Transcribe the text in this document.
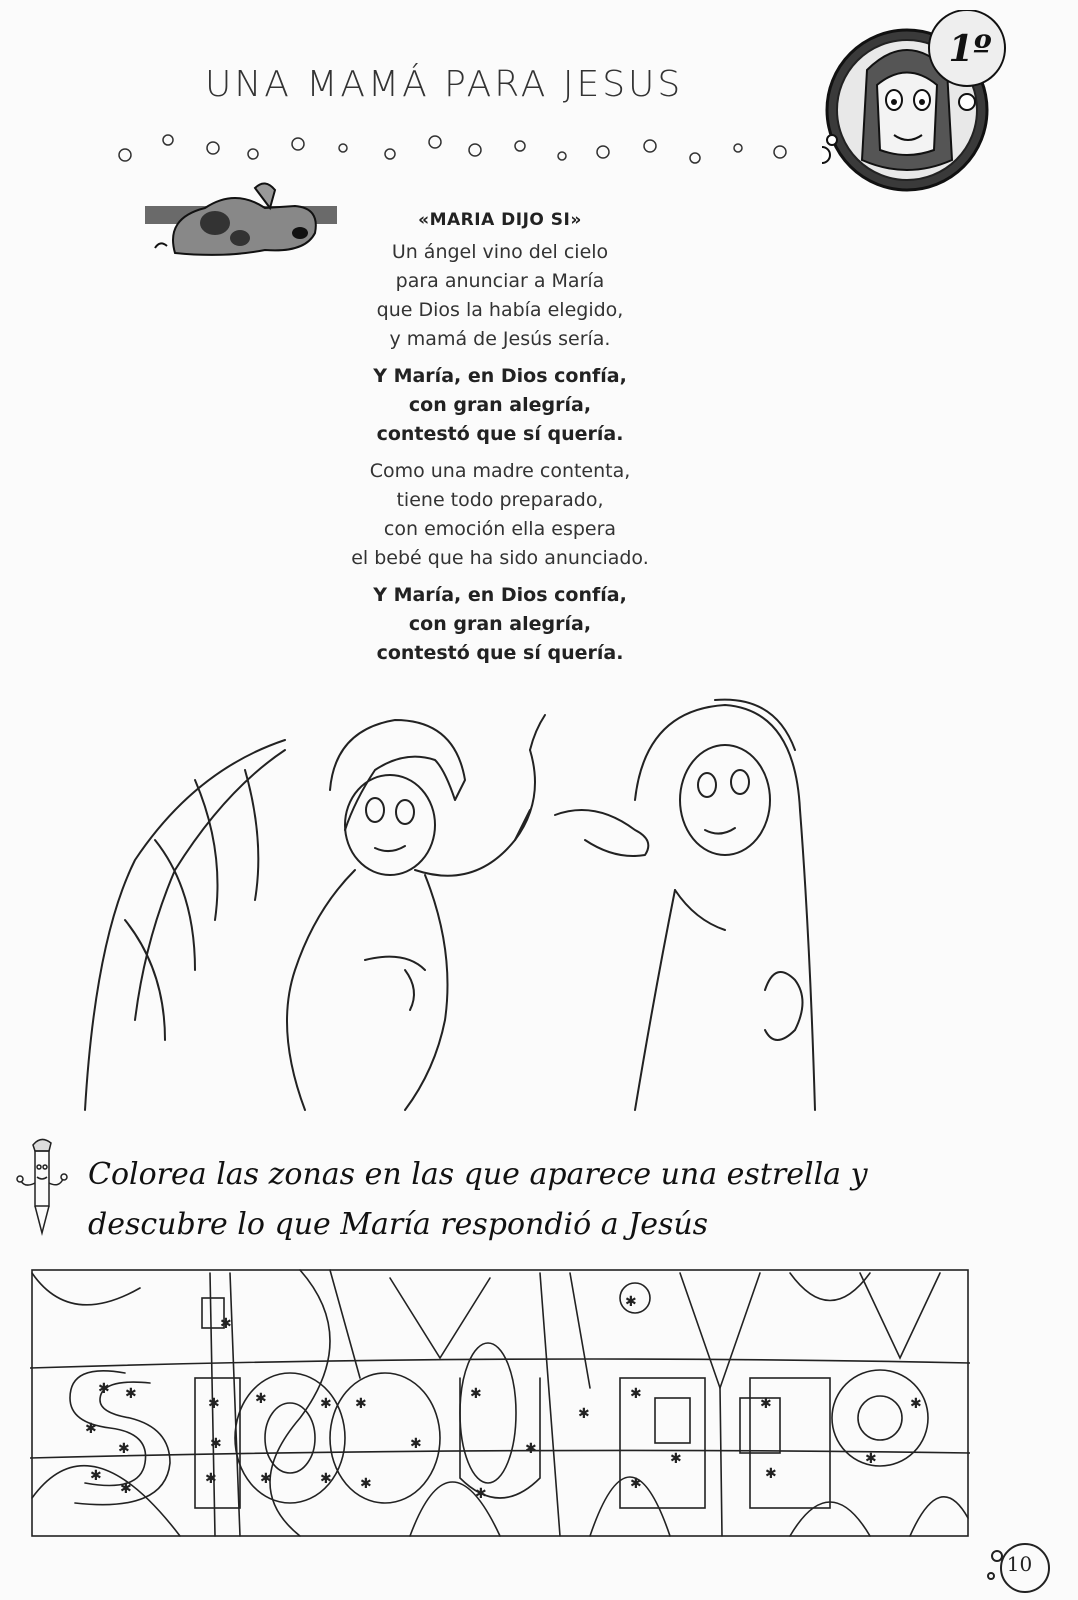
UNA MAMÁ PARA JESUS
1º
«MARIA DIJO SI»
Un ángel vino del cielo
para anunciar a María
que Dios la había elegido,
y mamá de Jesús sería.
Y María, en Dios confía,
con gran alegría,
contestó que sí quería.
Como una madre contenta,
tiene todo preparado,
con emoción ella espera
el bebé que ha sido anunciado.
Y María, en Dios confía,
con gran alegría,
contestó que sí quería.
Colorea las zonas en las que aparece una estrella y
descubre lo que María respondió a Jesús
✱ ✱
✱
✱
✱
✱
✱
✱
✱
✱	✱
✱	✱
✱
✱
✱
✱
✱
✱
✱
✱
✱
✱
✱
✱
✱
✱
✱
✱
10
